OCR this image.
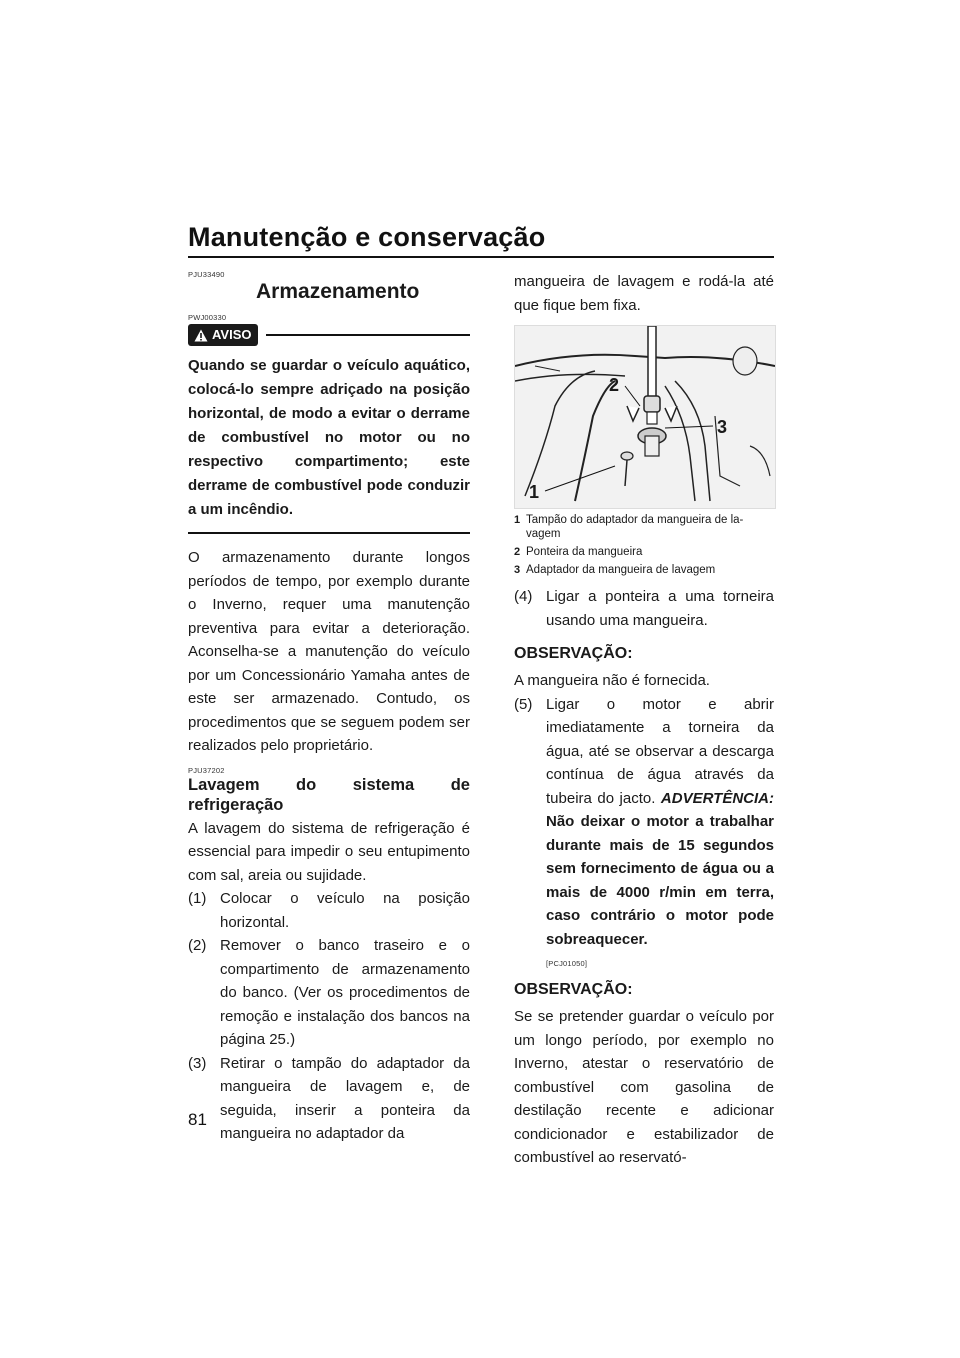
Manutenção e conservação
PJU33490
Armazenamento
PWJ00330
AVISO

Quando se guardar o veículo aquático, colocá-lo sempre adriçado na posição horizontal, de modo a evitar o derrame de combustível no motor ou no respectivo compartimento; este derrame de combustível pode conduzir a um incêndio.

O armazenamento durante longos períodos de tempo, por exemplo durante o Inverno, requer uma manutenção preventiva para evitar a deterioração. Aconselha-se a manutenção do veículo por um Concessionário Yamaha antes de este ser armazenado. Contudo, os procedimentos que se seguem podem ser realizados pelo proprietário.

PJU37202
Lavagem do sistema de refrigeração

A lavagem do sistema de refrigeração é essencial para impedir o seu entupimento com sal, areia ou sujidade.

(1) Colocar o veículo na posição horizontal.
(2) Remover o banco traseiro e o compartimento de armazenamento do banco. (Ver os procedimentos de remoção e instalação dos bancos na página 25.)
(3) Retirar o tampão do adaptador da mangueira de lavagem e, de seguida, inserir a ponteira da mangueira no adaptador da

mangueira de lavagem e rodá-la até que fique bem fixa.

2
3
1
1 Tampão do adaptador da mangueira de la-
vagem
2 Ponteira da mangueira
3 Adaptador da mangueira de lavagem
(4) Ligar a ponteira a uma torneira usando uma mangueira.
OBSERVAÇÃO:

A mangueira não é fornecida.

(5) Ligar o motor e abrir imediatamente a torneira da água, até se observar a descarga contínua de água através da tubeira do jacto. ADVERTÊNCIA: Não deixar o motor a trabalhar durante mais de 15 segundos sem fornecimento de água ou a mais de 4000 r/min em terra, caso contrário o motor pode sobreaquecer.
[PCJ01050]
OBSERVAÇÃO:

Se se pretender guardar o veículo por um longo período, por exemplo no Inverno, atestar o reservatório de combustível com gasolina de destilação recente e adicionar condicionador e estabilizador de combustível ao reservató-

81
